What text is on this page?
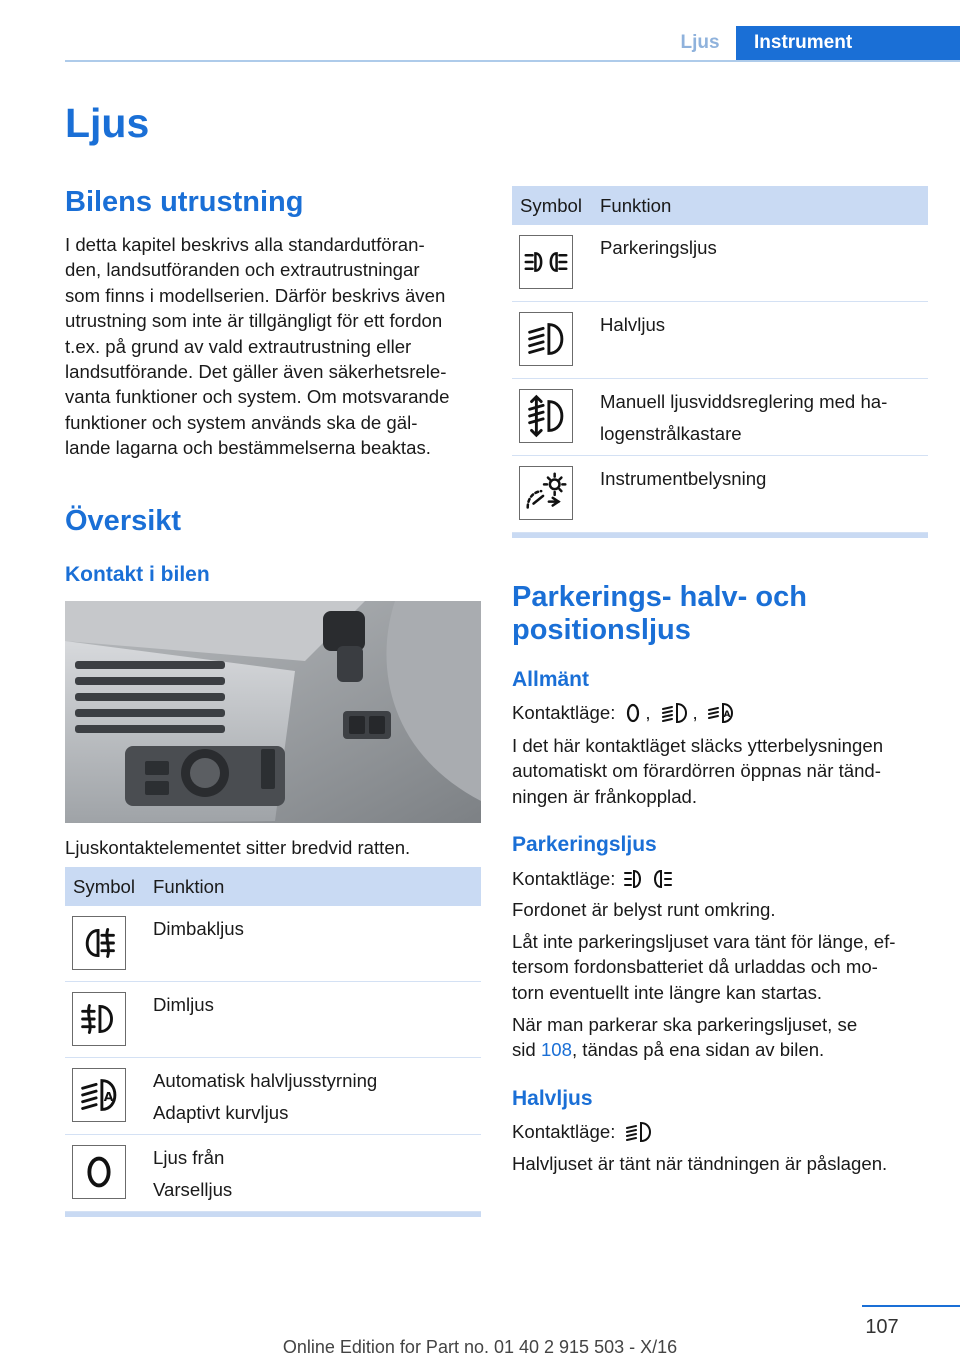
Ljus	Instrument
Ljus
Bilens utrustning

I detta kapitel beskrivs alla standardutföran‐

den, landsutföranden och extrautrustningar

som finns i modellserien. Därför beskrivs även

utrustning som inte är tillgängligt för ett fordon

t.ex. på grund av vald extrautrustning eller

landsutförande. Det gäller även säkerhetsrele‐

vanta funktioner och system. Om motsvarande

funktioner och system används ska de gäl‐

lande lagarna och bestämmelserna beaktas.

Översikt
Kontakt i bilen

Ljuskontaktelementet sitter bredvid ratten.

Symbol Funktion

Dimbakljus

Dimljus

A

Automatisk halvljusstyrning

Adaptivt kurvljus

Ljus från

Varselljus

Symbol Funktion

Parkeringsljus

Halvljus

Manuell ljusviddsreglering med ha‐

logenstrålkastare

Instrumentbelysning

Parkerings- halv- och
positionsljus
Allmänt

Kontaktläge: , ,	A

I det här kontaktläget släcks ytterbelysningen

automatiskt om förardörren öppnas när tänd‐

ningen är frånkopplad.

Parkeringsljus

Kontaktläge:

Fordonet är belyst runt omkring.

Låt inte parkeringsljuset vara tänt för länge, ef‐

tersom fordonsbatteriet då urladdas och mo‐

torn eventuellt inte längre kan startas.

När man parkerar ska parkeringsljuset, se

sid 108, tändas på ena sidan av bilen.

Halvljus

Kontaktläge:

Halvljuset är tänt när tändningen är påslagen.

107
Online Edition for Part no. 01 40 2 915 503 - X/16
